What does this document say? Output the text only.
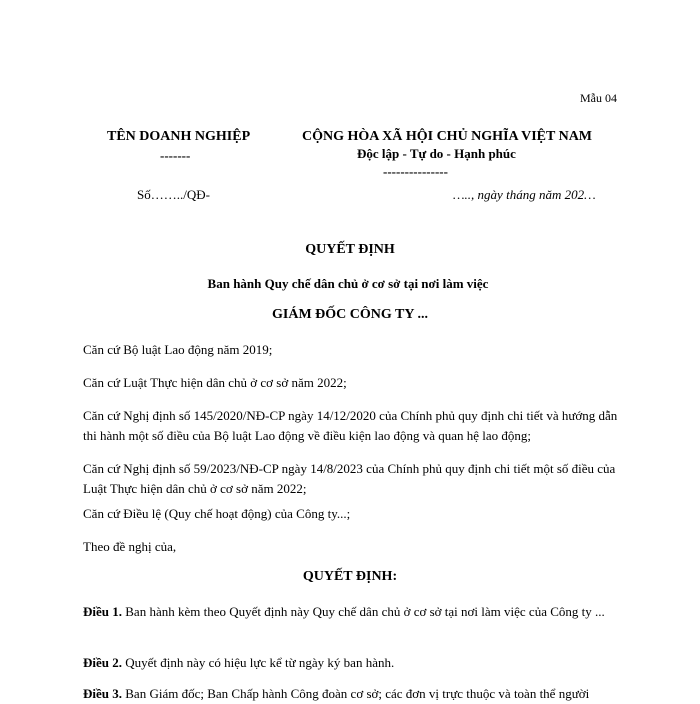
Mẫu 04
TÊN DOANH NGHIỆP
-------
CỘNG HÒA XÃ HỘI CHỦ NGHĨA VIỆT NAM
Độc lập - Tự do - Hạnh phúc
---------------
Số……../QĐ-	….., ngày tháng năm 202…
QUYẾT ĐỊNH
Ban hành Quy chế dân chủ ở cơ sở tại nơi làm việc
GIÁM ĐỐC CÔNG TY ...
Căn cứ Bộ luật Lao động năm 2019;
Căn cứ Luật Thực hiện dân chủ ở cơ sở năm 2022;
Căn cứ Nghị định số 145/2020/NĐ-CP ngày 14/12/2020 của Chính phủ quy định chi tiết và hướng dẫn thi hành một số điều của Bộ luật Lao động về điều kiện lao động và quan hệ lao động;
Căn cứ Nghị định số 59/2023/NĐ-CP ngày 14/8/2023 của Chính phủ quy định chi tiết một số điều của Luật Thực hiện dân chủ ở cơ sở năm 2022;
Căn cứ Điều lệ (Quy chế hoạt động) của Công ty...;
Theo đề nghị của,
QUYẾT ĐỊNH:
Điều 1. Ban hành kèm theo Quyết định này Quy chế dân chủ ở cơ sở tại nơi làm việc của Công ty ...
Điều 2. Quyết định này có hiệu lực kể từ ngày ký ban hành.
Điều 3. Ban Giám đốc; Ban Chấp hành Công đoàn cơ sở; các đơn vị trực thuộc và toàn thể người
